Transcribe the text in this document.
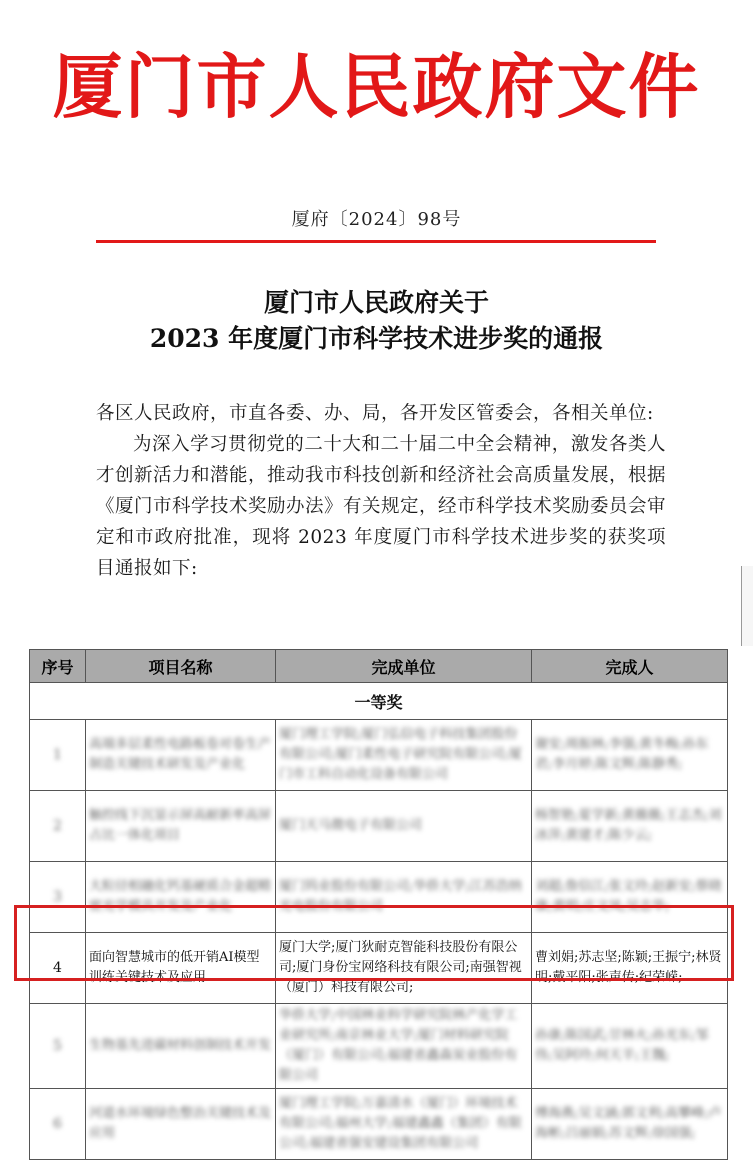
厦门市人民政府文件
厦府〔2024〕98号
厦门市人民政府关于
2023 年度厦门市科学技术进步奖的通报

各区人民政府，市直各委、办、局，各开发区管委会，各相关单位:

为深入学习贯彻党的二十大和二十届二中全会精神，激发各类人才创新活力和潜能，推动我市科技创新和经济社会高质量发展，根据《厦门市科学技术奖励办法》有关规定，经市科学技术奖励委员会审定和市政府批准，现将 2023 年度厦门市科学技术进步奖的获奖项目通报如下:

序号	项目名称	完成单位	完成人
一等奖			
1	高端多层柔性电路板卷对卷生产制造关键技术研发及产业化	厦门理工学院;厦门弘信电子科技集团股份有限公司;厦门柔性电子研究院有限公司;厦门市工科自动化设备有限公司	谢安;周振林;李强;黄冬梅;孙东君;李月婷;陈文辉;陈静秀;
2	触控线下沉显示屏高耐新率高屏占比一体化项目	厦门天马微电子有限公司	杨智艳;夏学新;黄薇薇;王志杰;刘冰萍;黄建才;陈少云;
3	大粒径相融化钙基硬质合金超精密光学模具开发及产业化	厦门钨业股份有限公司;华侨大学;江苏浩纳光电股份有限公司	刘超;詹信江;张文玲;赵新安;蔡晓康;黄明;庄文凤;吴志华;
4	面向智慧城市的低开销AI模型训练关键技术及应用	厦门大学;厦门狄耐克智能科技股份有限公司;厦门身份宝网络科技有限公司;南强智视（厦门）科技有限公司;	曹刘娟;苏志坚;陈颖;王振宁;林贤明;戴平阳;张声传;纪荣嵘;
5	生物基先进碳材料创制技术开发	华侨大学;中国林业科学研究院林产化学工业研究所;南京林业大学;厦门材料研究院（厦门）有限公司;福建省鑫森炭业股份有限公司	孙康;陈国武;甘林火;孙光东;邹伟;吴阿玲;何天羊;王魏;
6	河道水环境绿色整治关键技术及应用	厦门理工学院;万嘉清水（厦门）环境技术有限公司;福州大学;福建鑫鑫（集团）有限公司;福建省强安建设集团有限公司	傅海燕;吴文涵;郭文利;高攀峰;卢海彬;吕丽娟;苏文辉;徐国强;
